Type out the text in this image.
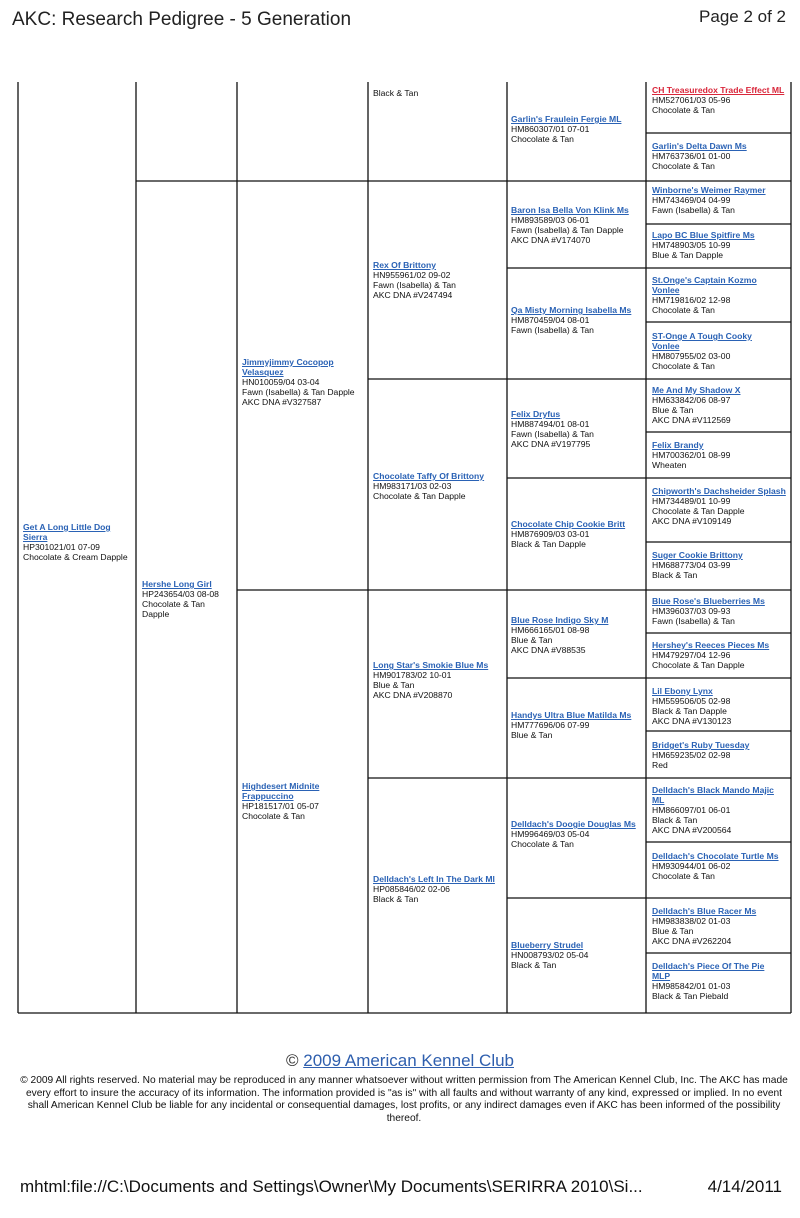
AKC: Research Pedigree - 5 Generation	Page 2 of 2
Get A Long Little Dog Sierra
HP301021/01 07-09
Chocolate & Cream Dapple
Hershe Long Girl
HP243654/03 08-08
Chocolate & Tan Dapple
Jimmyjimmy Cocopop Velasquez
HN010059/04 03-04
Fawn (Isabella) & Tan Dapple
AKC DNA #V327587
Highdesert Midnite Frappuccino
HP181517/01 05-07
Chocolate & Tan
Black & Tan
Rex Of Brittony
HN955961/02 09-02
Fawn (Isabella) & Tan
AKC DNA #V247494
Chocolate Taffy Of Brittony
HM983171/03 02-03
Chocolate & Tan Dapple
Long Star's Smokie Blue Ms
HM901783/02 10-01
Blue & Tan
AKC DNA #V208870
Delldach's Left In The Dark Ml
HP085846/02 02-06
Black & Tan
Garlin's Fraulein Fergie ML
HM860307/01 07-01
Chocolate & Tan
Baron Isa Bella Von Klink Ms
HM893589/03 06-01
Fawn (Isabella) & Tan Dapple
AKC DNA #V174070
Qa Misty Morning Isabella Ms
HM870459/04 08-01
Fawn (Isabella) & Tan
Felix Dryfus
HM887494/01 08-01
Fawn (Isabella) & Tan
AKC DNA #V197795
Chocolate Chip Cookie Britt
HM876909/03 03-01
Black & Tan Dapple
Blue Rose Indigo Sky M
HM666165/01 08-98
Blue & Tan
AKC DNA #V88535
Handys Ultra Blue Matilda Ms
HM777696/06 07-99
Blue & Tan
Delldach's Doogie Douglas Ms
HM996469/03 05-04
Chocolate & Tan
Blueberry Strudel
HN008793/02 05-04
Black & Tan
CH Treasuredox Trade Effect ML
HM527061/03 05-96
Chocolate & Tan
Garlin's Delta Dawn Ms
HM763736/01 01-00
Chocolate & Tan
Winborne's Weimer Raymer
HM743469/04 04-99
Fawn (Isabella) & Tan
Lapo BC Blue Spitfire Ms
HM748903/05 10-99
Blue & Tan Dapple
St.Onge's Captain Kozmo Vonlee
HM719816/02 12-98
Chocolate & Tan
ST-Onge A Tough Cooky Vonlee
HM807955/02 03-00
Chocolate & Tan
Me And My Shadow X
HM633842/06 08-97
Blue & Tan
AKC DNA #V112569
Felix Brandy
HM700362/01 08-99
Wheaten
Chipworth's Dachsheider Splash
HM734489/01 10-99
Chocolate & Tan Dapple
AKC DNA #V109149
Suger Cookie Brittony
HM688773/04 03-99
Black & Tan
Blue Rose's Blueberries Ms
HM396037/03 09-93
Fawn (Isabella) & Tan
Hershey's Reeces Pieces Ms
HM479297/04 12-96
Chocolate & Tan Dapple
Lil Ebony Lynx
HM559506/05 02-98
Black & Tan Dapple
AKC DNA #V130123
Bridget's Ruby Tuesday
HM659235/02 02-98
Red
Delldach's Black Mando Majic ML
HM866097/01 06-01
Black & Tan
AKC DNA #V200564
Delldach's Chocolate Turtle Ms
HM930944/01 06-02
Chocolate & Tan
Delldach's Blue Racer Ms
HM983838/02 01-03
Blue & Tan
AKC DNA #V262204
Delldach's Piece Of The Pie MLP
HM985842/01 01-03
Black & Tan Piebald
© 2009 American Kennel Club
© 2009 All rights reserved. No material may be reproduced in any manner whatsoever without written permission from The American Kennel Club, Inc. The AKC has made every effort to insure the accuracy of its information. The information provided is "as is" with all faults and without warranty of any kind, expressed or implied. In no event shall American Kennel Club be liable for any incidental or consequential damages, lost profits, or any indirect damages even if AKC has been informed of the possibility thereof.
mhtml:file://C:\Documents and Settings\Owner\My Documents\SERIRRA 2010\Si...	4/14/2011
